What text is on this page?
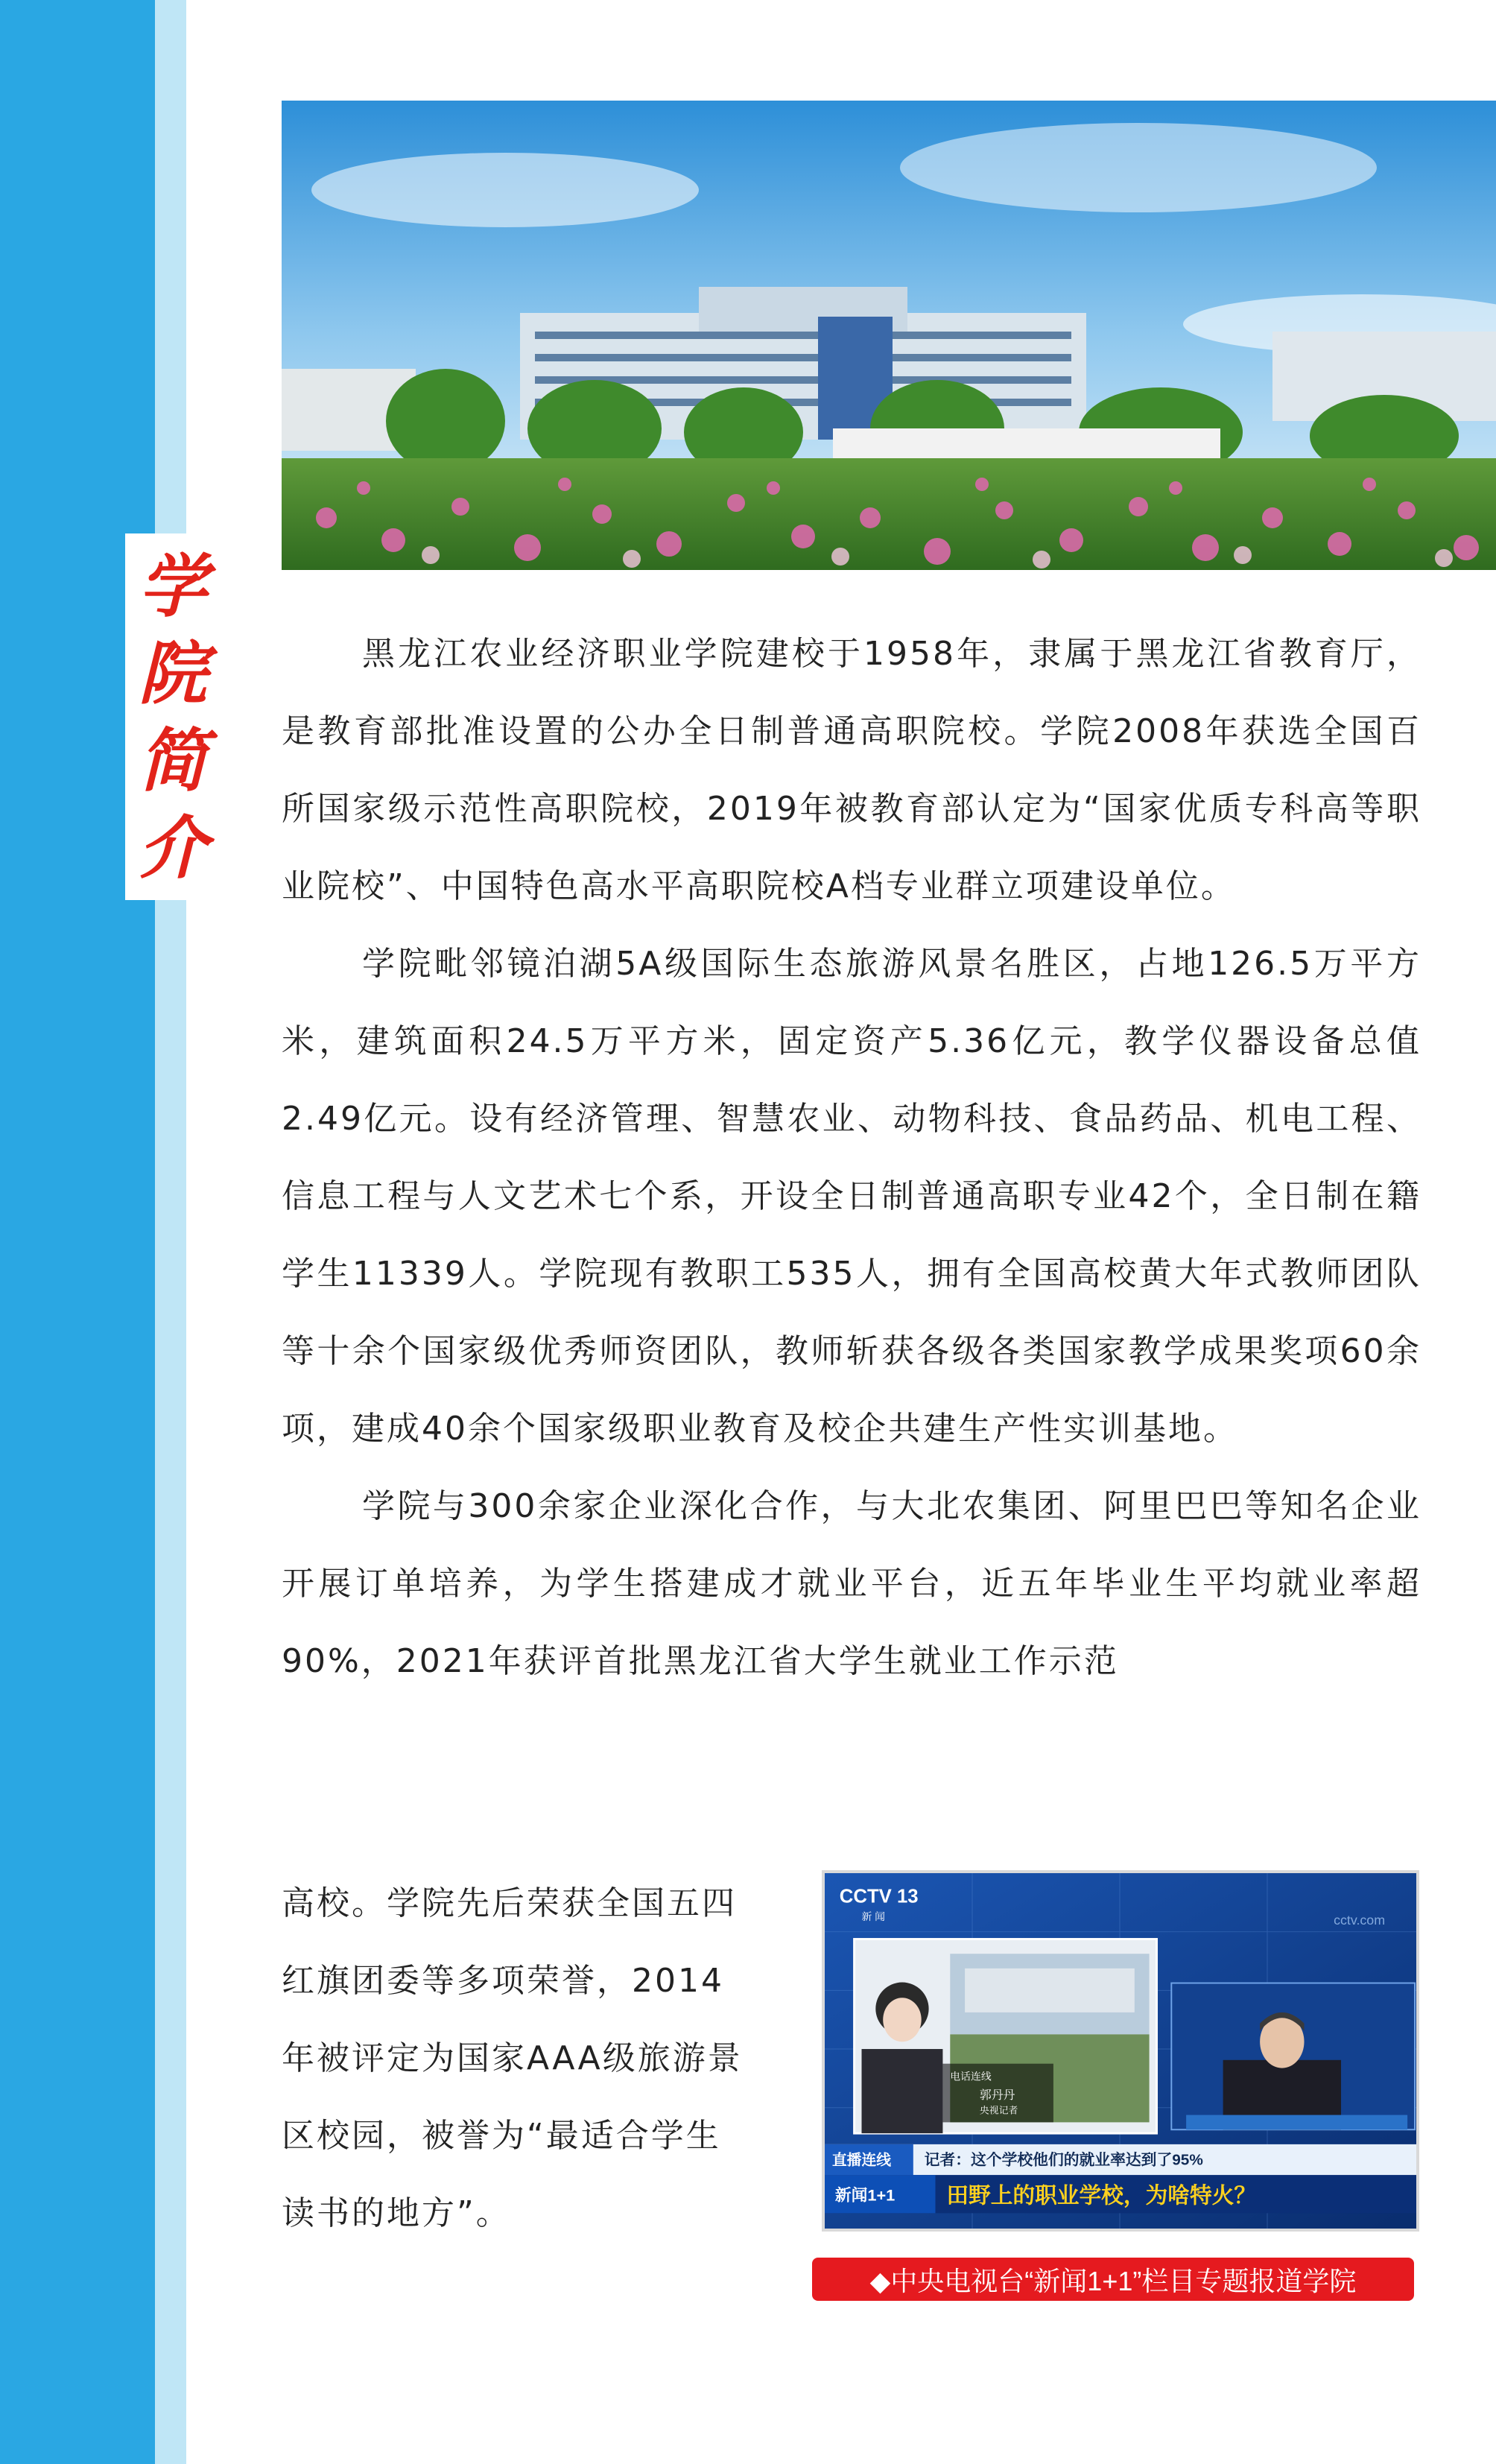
学
院
简
介

黑龙江农业经济职业学院建校于1958年，隶属于黑龙江省教育厅，是教育部批准设置的公办全日制普通高职院校。学院2008年获选全国百所国家级示范性高职院校，2019年被教育部认定为“国家优质专科高等职业院校”、中国特色高水平高职院校A档专业群立项建设单位。

学院毗邻镜泊湖5A级国际生态旅游风景名胜区，占地126.5万平方米，建筑面积24.5万平方米，固定资产5.36亿元，教学仪器设备总值2.49亿元。设有经济管理、智慧农业、动物科技、食品药品、机电工程、信息工程与人文艺术七个系，开设全日制普通高职专业42个，全日制在籍学生11339人。学院现有教职工535人，拥有全国高校黄大年式教师团队等十余个国家级优秀师资团队，教师斩获各级各类国家教学成果奖项60余项，建成40余个国家级职业教育及校企共建生产性实训基地。

学院与300余家企业深化合作，与大北农集团、阿里巴巴等知名企业开展订单培养，为学生搭建成才就业平台，近五年毕业生平均就业率超90%，2021年获评首批黑龙江省大学生就业工作示范

高校。学院先后荣获全国五四

红旗团委等多项荣誉，2014

年被评定为国家AAA级旅游景

区校园，被誉为“最适合学生

读书的地方”。

CCTV 13
新 闻	cctv.com
电话连线
郭丹丹
央视记者
直播连线 记者：这个学校他们的就业率达到了95%
新闻1+1 田野上的职业学校，为啥特火？
◆中央电视台“新闻1+1”栏目专题报道学院
